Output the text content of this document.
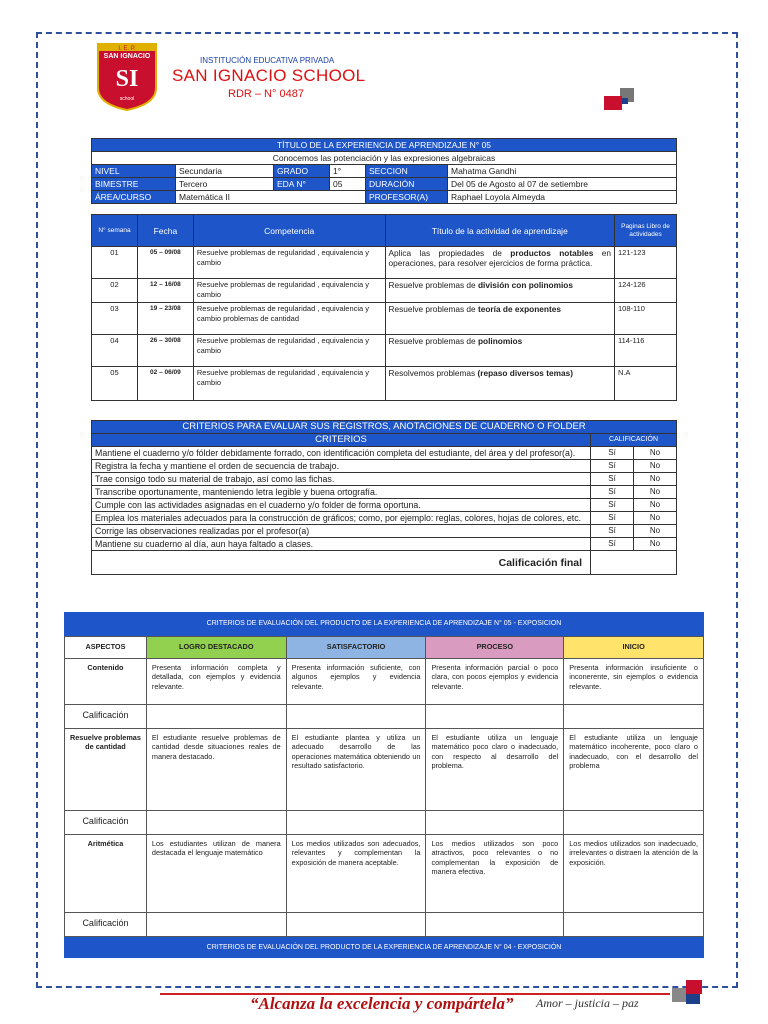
I. E. P.
SAN IGNACIO
SI
school
INSTITUCIÓN EDUCATIVA PRIVADA
SAN IGNACIO SCHOOL
RDR – N° 0487
TÍTULO DE LA EXPERIENCIA DE APRENDIZAJE N° 05					
Conocemos las potenciación y las expresiones algebraicas					
NIVEL	Secundaria	GRADO	1°	SECCION	Mahatma Gandhi
BIMESTRE	Tercero	EDA N°	05	DURACIÓN	Del 05 de Agosto al 07 de setiembre
ÁREA/CURSO	Matemática II			PROFESOR(A)	Raphael Loyola Almeyda
N° semana	Fecha	Competencia	Título de la actividad de aprendizaje	Paginas Libro de actividades
01	05 – 09/08	Resuelve problemas de regularidad , equivalencia y cambio	Aplica las propiedades de productos notables en operaciones, para resolver ejercicios de forma práctica.	121-123
02	12 – 16/08	Resuelve problemas de regularidad , equivalencia y cambio	Resuelve problemas de división con polinomios	124-126
03	19 – 23/08	Resuelve problemas de regularidad , equivalencia y cambio problemas de cantidad	Resuelve problemas de teoría de exponentes	108-110
04	26 – 30/08	Resuelve problemas de regularidad , equivalencia y cambio	Resuelve problemas de polinomios	114-116
05	02 – 06/09	Resuelve problemas de regularidad , equivalencia y cambio	Resolvemos problemas (repaso diversos temas)	N.A
CRITERIOS PARA EVALUAR SUS REGISTROS, ANOTACIONES DE CUADERNO O FOLDER		
CRITERIOS	CALIFICACIÓN	
Mantiene el cuaderno y/o fólder debidamente forrado, con identificación completa del estudiante, del área y del profesor(a).	Sí	No
Registra la fecha y mantiene el orden de secuencia de trabajo.	Sí	No
Trae consigo todo su material de trabajo, así como las fichas.	Sí	No
Transcribe oportunamente, manteniendo letra legible y buena ortografía.	Sí	No
Cumple con las actividades asignadas en el cuaderno y/o folder de forma oportuna.	Sí	No
Emplea los materiales adecuados para la construcción de gráficos; como, por ejemplo: reglas, colores, hojas de colores, etc.	Sí	No
Corrige las observaciones realizadas por el profesor(a)	Sí	No
Mantiene su cuaderno al día, aun haya faltado a clases.	Sí	No
Calificación final		
CRITERIOS DE EVALUACIÓN DEL PRODUCTO DE LA EXPERIENCIA DE APRENDIZAJE N° 05 - EXPOSICION				
ASPECTOS	LOGRO DESTACADO	SATISFACTORIO	PROCESO	INICIO
Contenido	Presenta información completa y detallada, con ejemplos y evidencia relevante.	Presenta información suficiente, con algunos ejemplos y evidencia relevante.	Presenta información parcial o poco clara, con pocos ejemplos y evidencia relevante.	Presenta información insuficiente o inconerente, sin ejemplos o evidencia relevante.
Calificación				
Resuelve problemas de cantidad	El estudiante resuelve problemas de cantidad desde situaciones reales de manera destacado.	El estudiante plantea y utiliza un adecuado desarrollo de las operaciones matemática obteniendo un resultado satisfactorio.	El estudiante utiliza un lenguaje matemático poco claro o inadecuado, con respecto al desarrollo del problema.	El estudiante utiliza un lenguaje matemático incoherente, poco claro o inadecuado, con el desarrollo del problema
Calificación				
Aritmética	Los estudiantes utilizan de manera destacada el lenguaje matemático	Los medios utilizados son adecuados, relevantes y complementan la exposición de manera aceptable.	Los medios utilizados son poco atractivos, poco relevantes o no complementan la exposición de manera efectiva.	Los medios utilizados son inadecuado, irrelevantes o distraen la atención de la exposición.
Calificación				
CRITERIOS DE EVALUACIÓN DEL PRODUCTO DE LA EXPERIENCIA DE APRENDIZAJE N° 04 - EXPOSICIÓN				
“Alcanza la excelencia y compártela” Amor – justicia – paz
